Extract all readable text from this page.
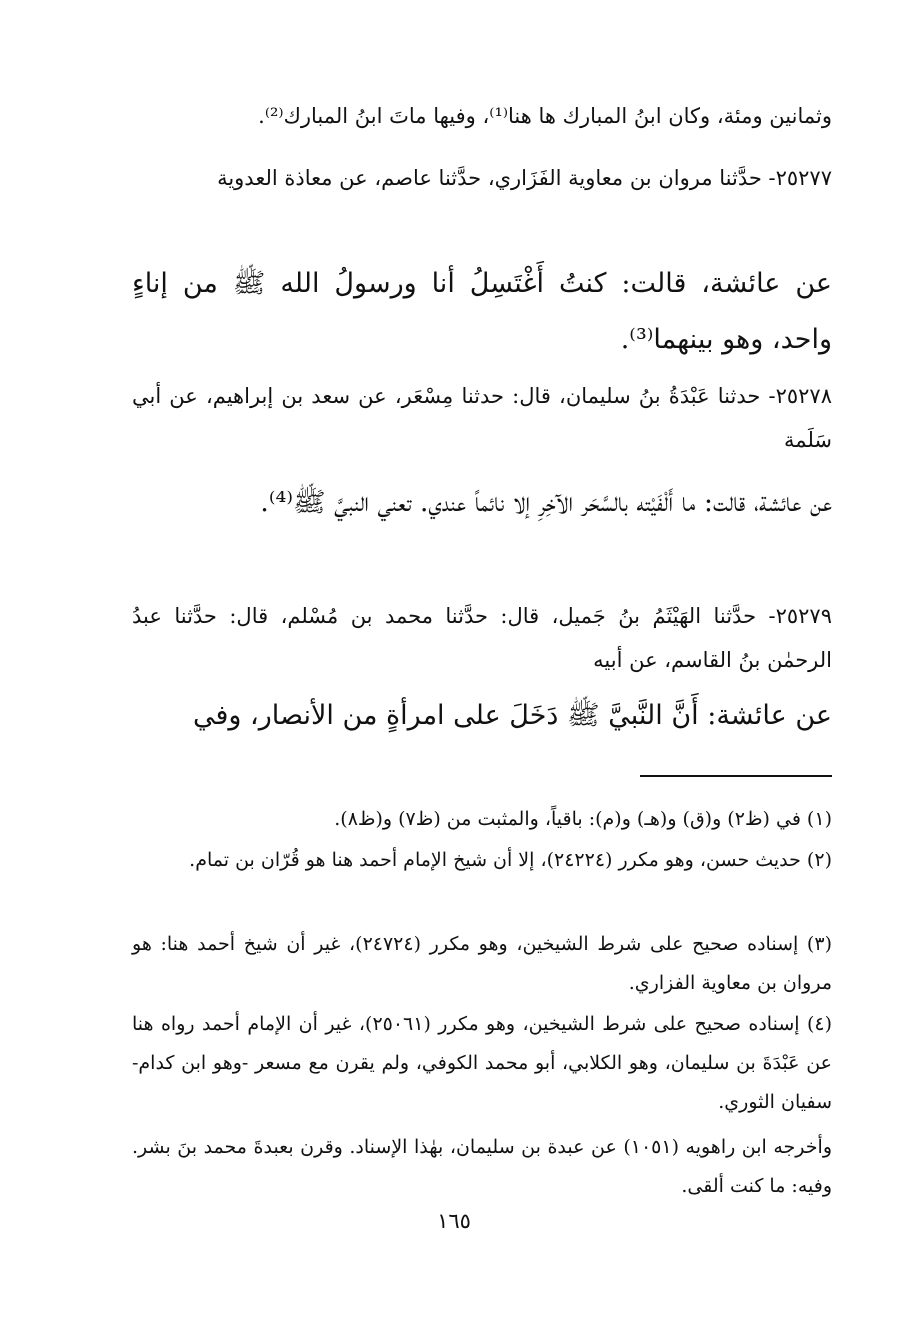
وثمانين ومئة، وكان ابنُ المبارك ها هنا⁽¹⁾، وفيها ماتَ ابنُ المبارك⁽²⁾.

٢٥٢٧٧- حدَّثنا مروان بن معاوية الفَزَاري، حدَّثنا عاصم، عن معاذة العدوية

عن عائشة، قالت: كنتُ أَغْتَسِلُ أنا ورسولُ الله ﷺ من إناءٍ واحد، وهو بينهما⁽³⁾.

٢٥٢٧٨- حدثنا عَبْدَةُ بنُ سليمان، قال: حدثنا مِسْعَر، عن سعد بن إبراهيم، عن أبي سَلَمة

عن عائشة، قالت: ما أَلْفَيْته بالسَّحَر الآخِرِ إلا نائماً عندي. تعني النبيَّ ﷺ⁽⁴⁾.

٢٥٢٧٩- حدَّثنا الهَيْثَمُ بنُ جَميل، قال: حدَّثنا محمد بن مُسْلم، قال: حدَّثنا عبدُ الرحمٰن بنُ القاسم، عن أبيه

عن عائشة: أَنَّ النَّبيَّ ﷺ دَخَلَ على امرأةٍ من الأنصار، وفي

(١) في (ظ٢) و(ق) و(هـ) و(م): باقياً، والمثبت من (ظ٧) و(ظ٨).

(٢) حديث حسن، وهو مكرر (٢٤٢٢٤)، إلا أن شيخ الإمام أحمد هنا هو قُرّان بن تمام.

(٣) إسناده صحيح على شرط الشيخين، وهو مكرر (٢٤٧٢٤)، غير أن شيخ أحمد هنا: هو مروان بن معاوية الفزاري.

(٤) إسناده صحيح على شرط الشيخين، وهو مكرر (٢٥٠٦١)، غير أن الإمام أحمد رواه هنا عن عَبْدَةَ بن سليمان، وهو الكلابي، أبو محمد الكوفي، ولم يقرن مع مسعر -وهو ابن كدام- سفيان الثوري.

وأخرجه ابن راهويه (١٠٥١) عن عبدة بن سليمان، بهٰذا الإسناد. وقرن بعبدةَ محمد بنَ بشر. وفيه: ما كنت ألقى.

١٦٥
